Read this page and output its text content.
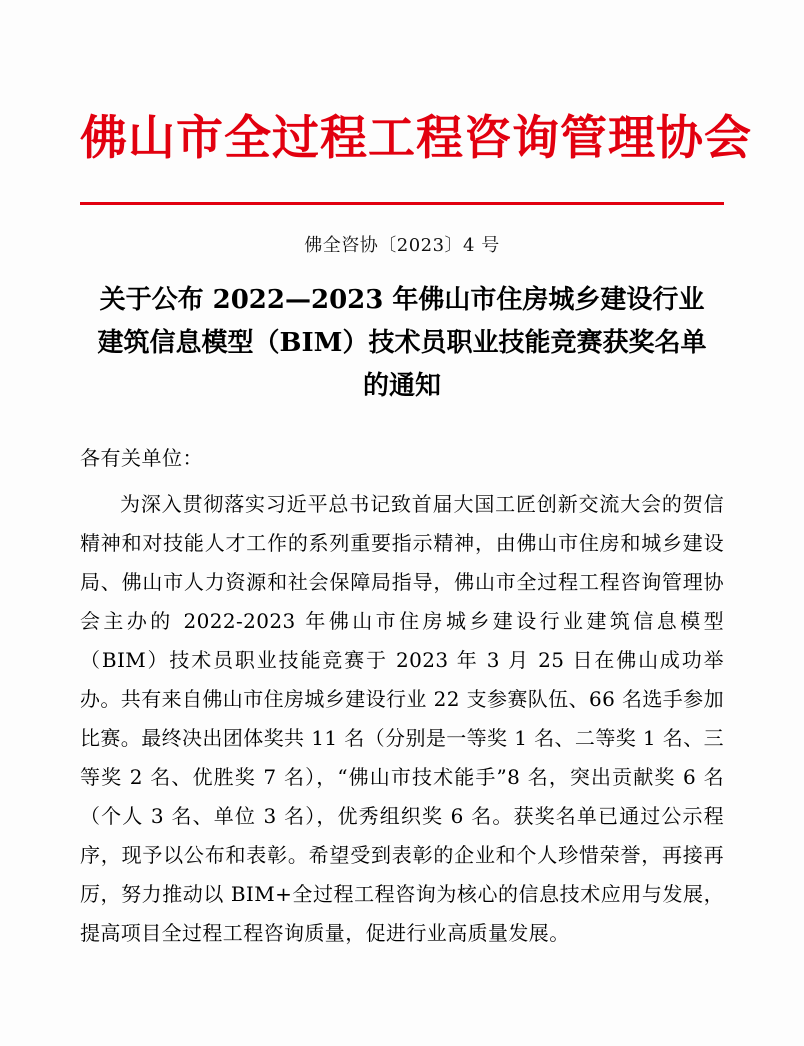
佛山市全过程工程咨询管理协会
佛全咨协〔2023〕4 号
关于公布 2022—2023 年佛山市住房城乡建设行业建筑信息模型（BIM）技术员职业技能竞赛获奖名单的通知
各有关单位：
为深入贯彻落实习近平总书记致首届大国工匠创新交流大会的贺信精神和对技能人才工作的系列重要指示精神，由佛山市住房和城乡建设局、佛山市人力资源和社会保障局指导，佛山市全过程工程咨询管理协会主办的 2022-2023 年佛山市住房城乡建设行业建筑信息模型（BIM）技术员职业技能竞赛于 2023 年 3 月 25 日在佛山成功举办。共有来自佛山市住房城乡建设行业 22 支参赛队伍、66 名选手参加比赛。最终决出团体奖共 11 名（分别是一等奖 1 名、二等奖 1 名、三等奖 2 名、优胜奖 7 名），“佛山市技术能手”8 名，突出贡献奖 6 名（个人 3 名、单位 3 名），优秀组织奖 6 名。获奖名单已通过公示程序，现予以公布和表彰。希望受到表彰的企业和个人珍惜荣誉，再接再厉，努力推动以 BIM+全过程工程咨询为核心的信息技术应用与发展，提高项目全过程工程咨询质量，促进行业高质量发展。
